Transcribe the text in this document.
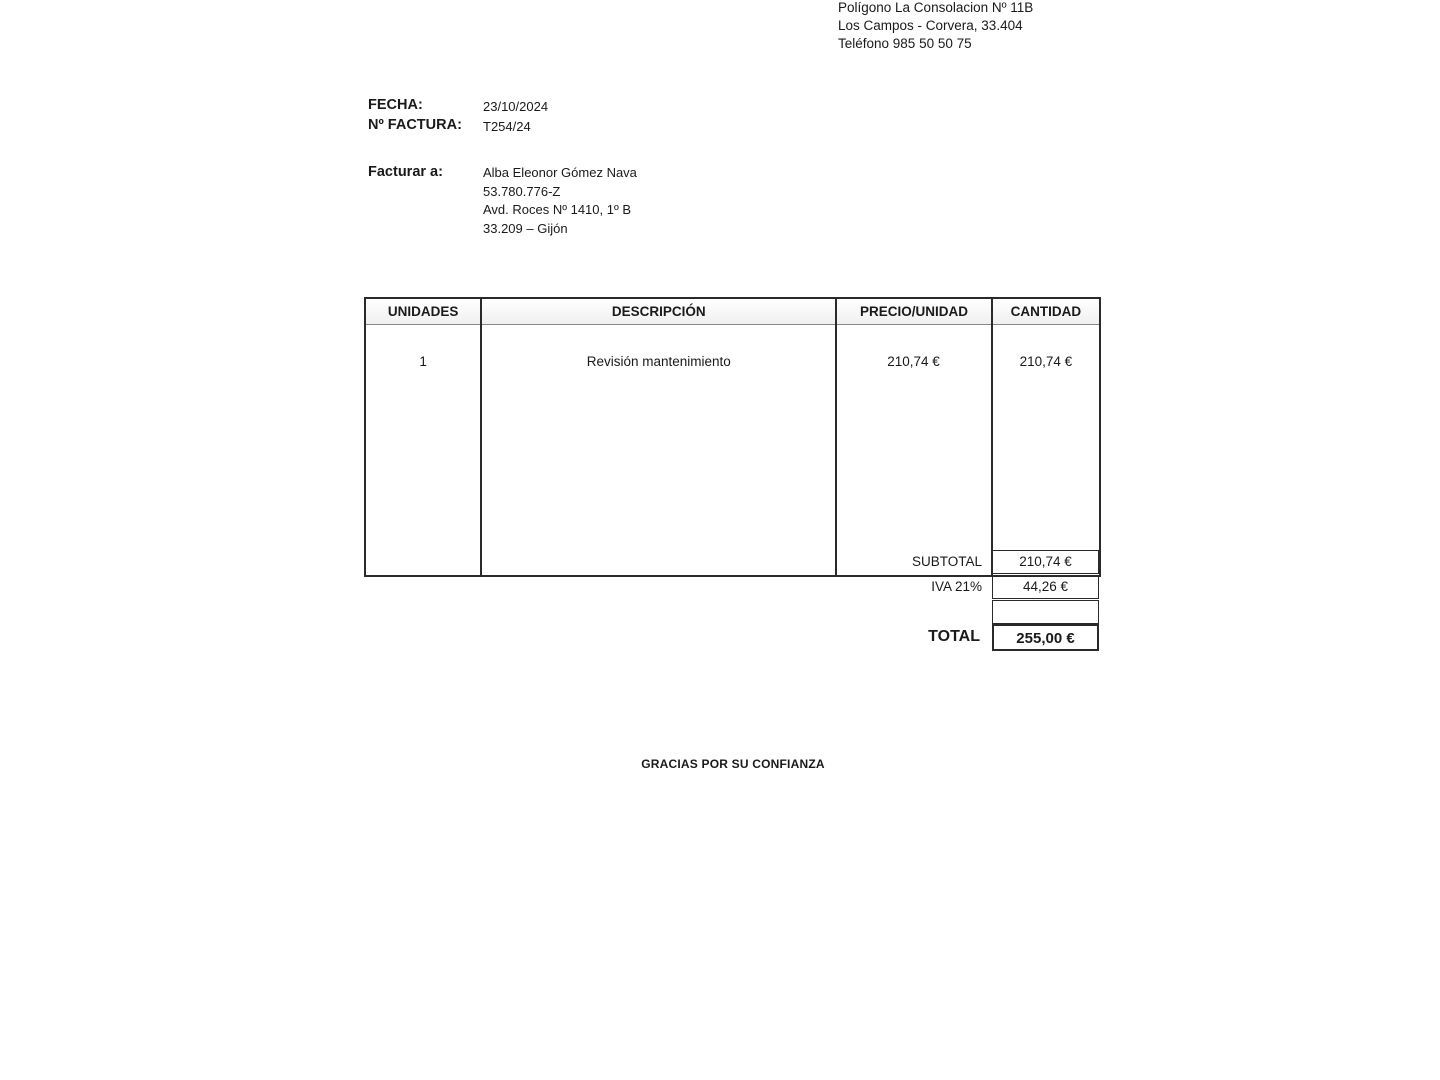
Polígono La Consolacion Nº 11B
Los Campos - Corvera, 33.404
Teléfono 985 50 50 75
FECHA:	23/10/2024
Nº FACTURA: T254/24
Facturar a:	Alba Eleonor Gómez Nava
53.780.776-Z
Avd. Roces Nº 1410, 1º B
33.209 – Gijón
UNIDADES	DESCRIPCIÓN	PRECIO/UNIDAD	CANTIDAD
1	Revisión mantenimiento	210,74 €	210,74 €
SUBTOTAL	210,74 €
IVA 21%	44,26 €
TOTAL	255,00 €
GRACIAS POR SU CONFIANZA
